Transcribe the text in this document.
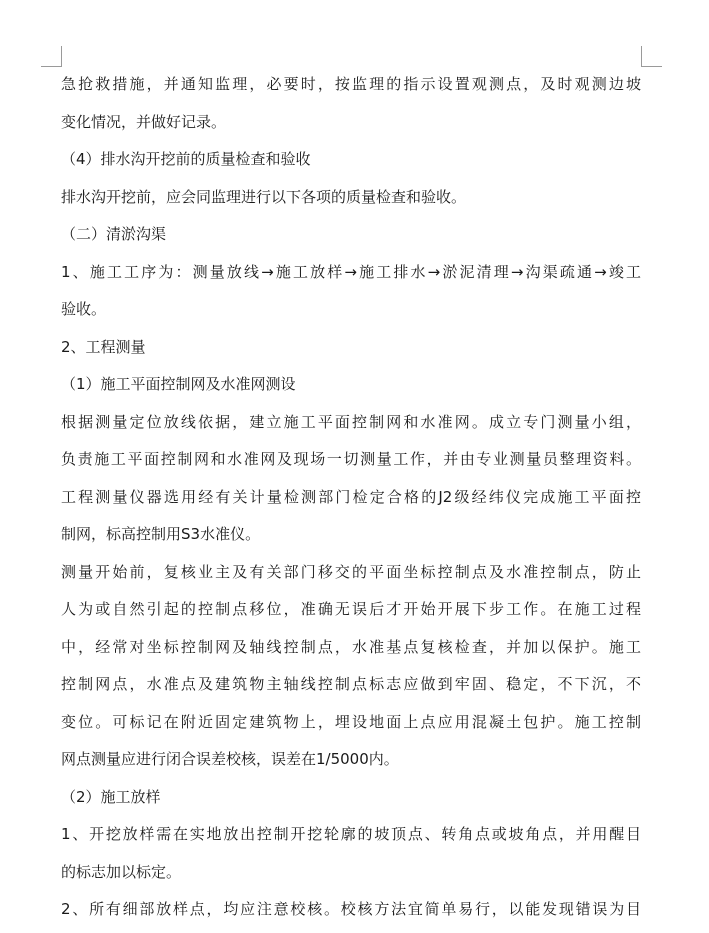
急抢救措施，并通知监理，必要时，按监理的指示设置观测点，及时观测边坡
变化情况，并做好记录。
（4）排水沟开挖前的质量检查和验收
排水沟开挖前，应会同监理进行以下各项的质量检查和验收。
（二）清淤沟渠
1、施工工序为：测量放线→施工放样→施工排水→淤泥清理→沟渠疏通→竣工
验收。
2、工程测量
（1）施工平面控制网及水准网测设
根据测量定位放线依据，建立施工平面控制网和水准网。成立专门测量小组，
负责施工平面控制网和水准网及现场一切测量工作，并由专业测量员整理资料。
工程测量仪器选用经有关计量检测部门检定合格的J2级经纬仪完成施工平面控
制网，标高控制用S3水准仪。
测量开始前，复核业主及有关部门移交的平面坐标控制点及水准控制点，防止
人为或自然引起的控制点移位，准确无误后才开始开展下步工作。在施工过程
中，经常对坐标控制网及轴线控制点，水准基点复核检查，并加以保护。施工
控制网点，水准点及建筑物主轴线控制点标志应做到牢固、稳定，不下沉，不
变位。可标记在附近固定建筑物上，埋设地面上点应用混凝土包护。施工控制
网点测量应进行闭合误差校核，误差在1/5000内。
（2）施工放样
1、开挖放样需在实地放出控制开挖轮廓的坡顶点、转角点或坡角点，并用醒目
的标志加以标定。
2、所有细部放样点，均应注意校核。校核方法宜简单易行，以能发现错误为目
